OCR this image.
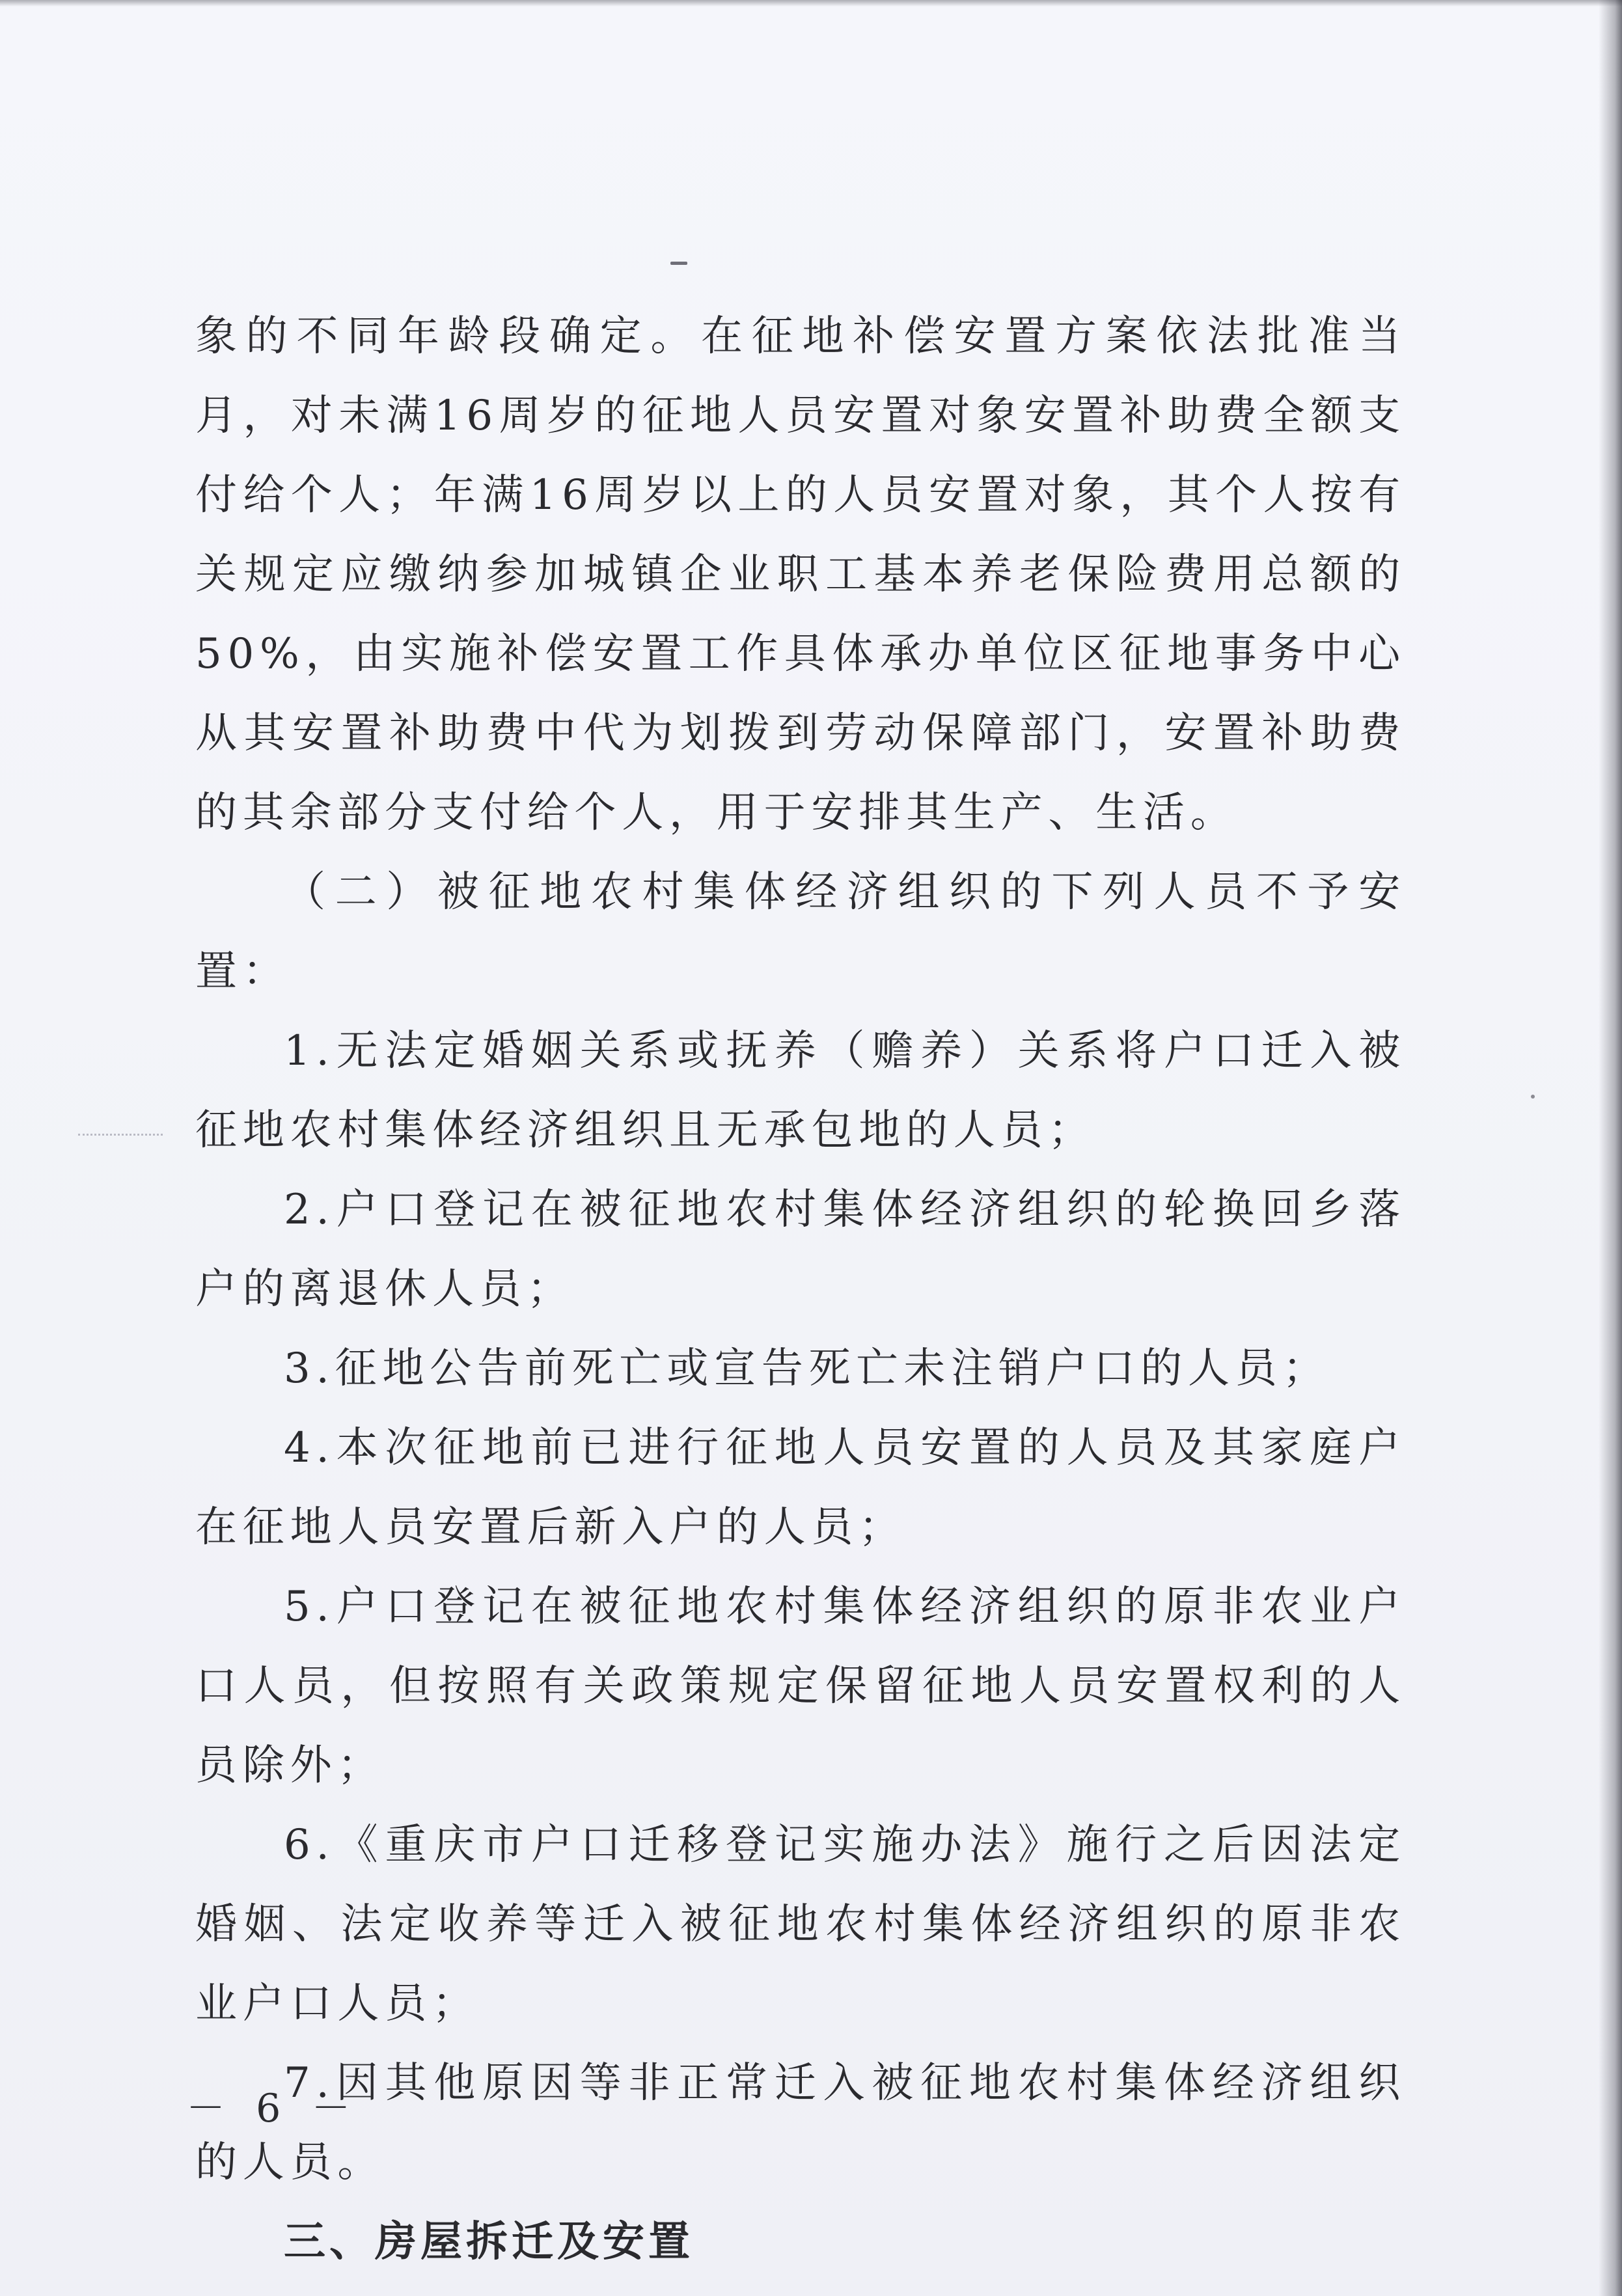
象的不同年龄段确定。在征地补偿安置方案依法批准当月，对未满16周岁的征地人员安置对象安置补助费全额支付给个人；年满16周岁以上的人员安置对象，其个人按有关规定应缴纳参加城镇企业职工基本养老保险费用总额的50%，由实施补偿安置工作具体承办单位区征地事务中心从其安置补助费中代为划拨到劳动保障部门，安置补助费的其余部分支付给个人，用于安排其生产、生活。

（二）被征地农村集体经济组织的下列人员不予安置：

1.无法定婚姻关系或抚养（赡养）关系将户口迁入被征地农村集体经济组织且无承包地的人员；

2.户口登记在被征地农村集体经济组织的轮换回乡落户的离退休人员；

3.征地公告前死亡或宣告死亡未注销户口的人员；

4.本次征地前已进行征地人员安置的人员及其家庭户在征地人员安置后新入户的人员；

5.户口登记在被征地农村集体经济组织的原非农业户口人员，但按照有关政策规定保留征地人员安置权利的人员除外；

6.《重庆市户口迁移登记实施办法》施行之后因法定婚姻、法定收养等迁入被征地农村集体经济组织的原非农业户口人员；

7.因其他原因等非正常迁入被征地农村集体经济组织的人员。

三、房屋拆迁及安置

－ 6 －
